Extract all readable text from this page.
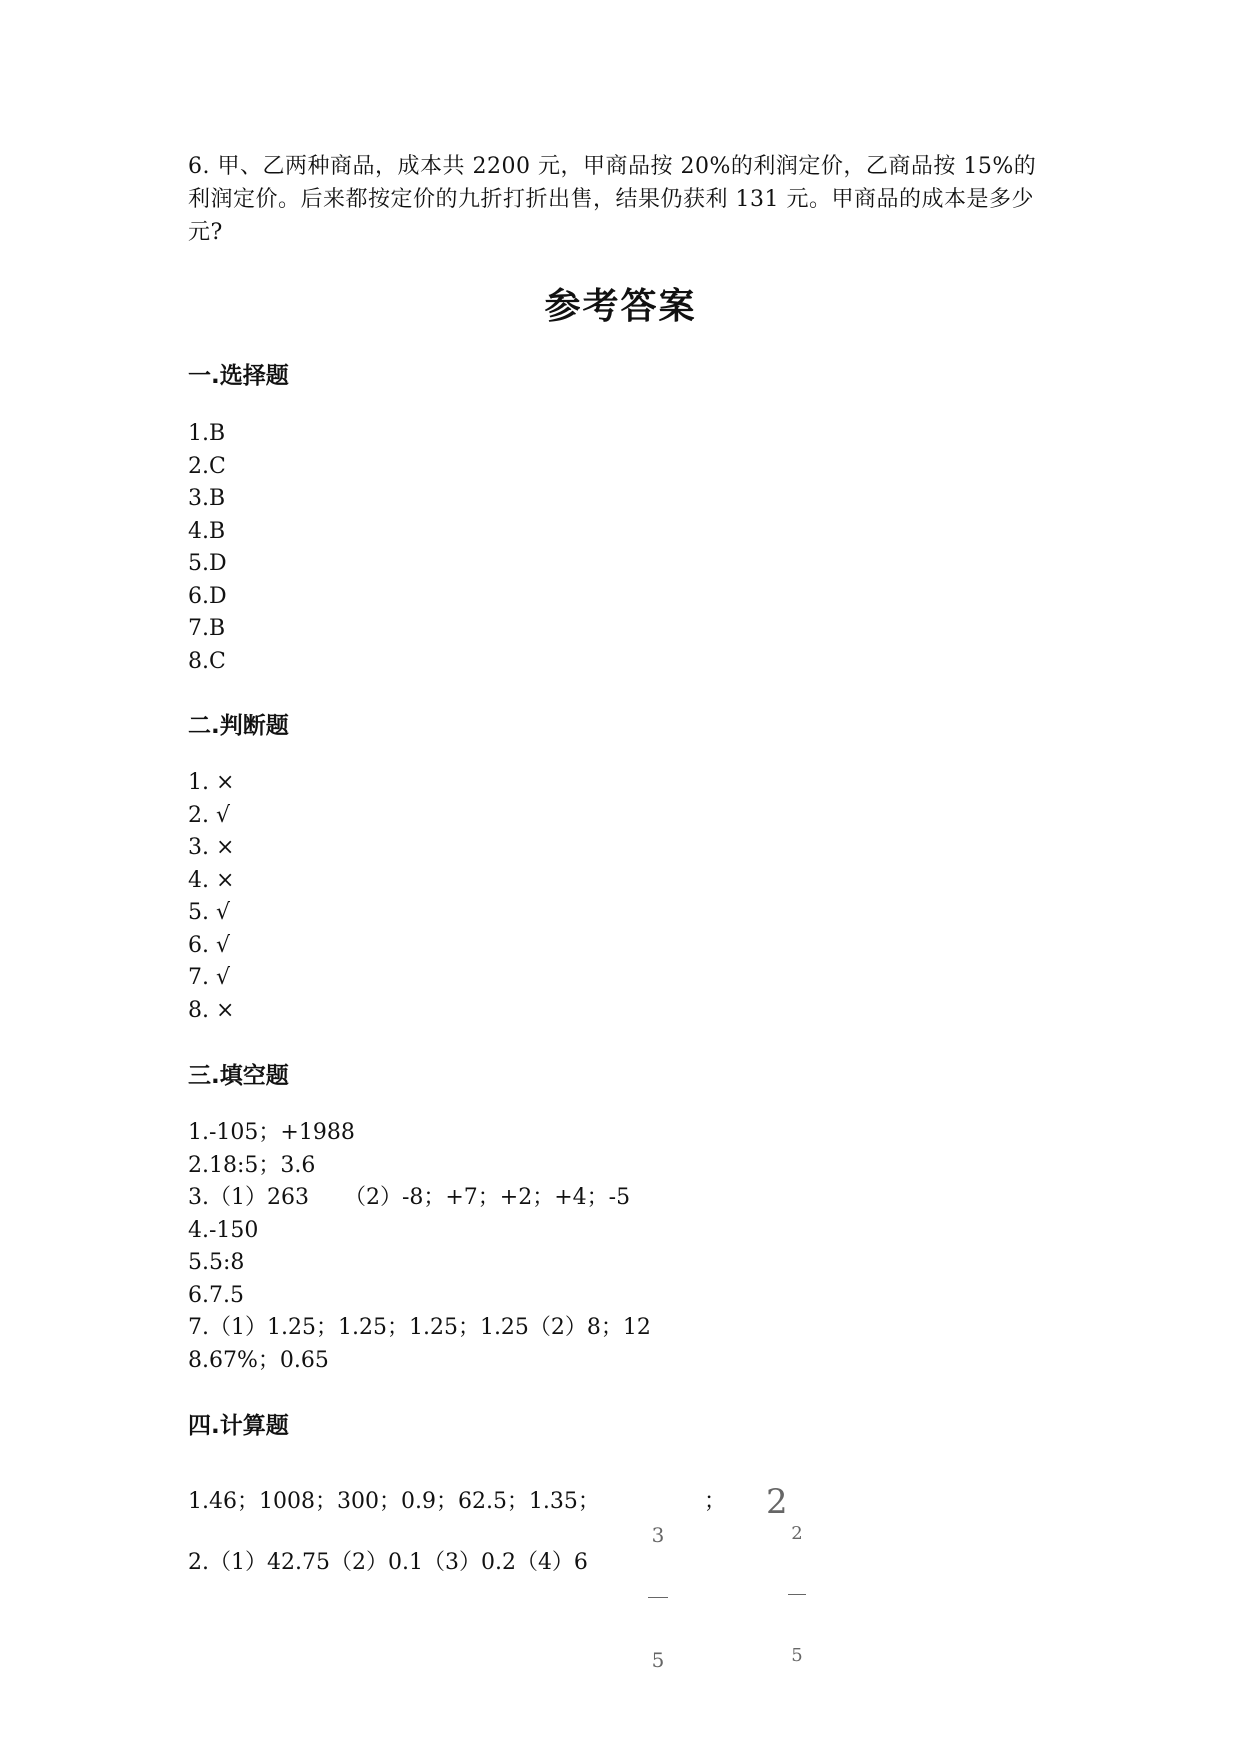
6. 甲、乙两种商品，成本共 2200 元，甲商品按 20%的利润定价，乙商品按 15%的利润定价。后来都按定价的九折打折出售，结果仍获利 131 元。甲商品的成本是多少元?
参考答案
一.选择题
1.B
2.C
3.B
4.B
5.D
6.D
7.B
8.C
二.判断题
1. ×
2. √
3. ×
4. ×
5. √
6. √
7. √
8. ×
三.填空题
1.-105；+1988
2.18:5；3.6
3.（1）263     （2）-8；+7；+2；+4；-5
4.-150
5.5:8
6.7.5
7.（1）1.25；1.25；1.25；1.25（2）8；12
8.67%；0.65
四.计算题

1.46；1008；300；0.9；62.5；1.35；

3

5

；

2

2

5

2.（1）42.75（2）0.1（3）0.2（4）6
